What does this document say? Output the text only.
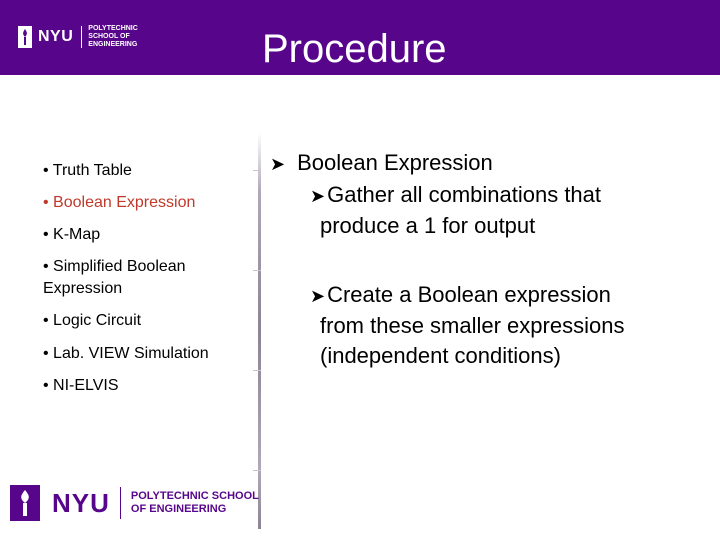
NYU POLYTECHNIC SCHOOL OF ENGINEERING	Procedure
• Truth Table
• Boolean Expression
• K-Map
• Simplified Boolean Expression
• Logic Circuit
• Lab. VIEW Simulation
• NI-ELVIS
➤ Boolean Expression
➤Gather all combinations that
produce a 1 for output
➤Create a Boolean expression
from these smaller expressions
(independent conditions)
NYU POLYTECHNIC SCHOOL OF ENGINEERING
